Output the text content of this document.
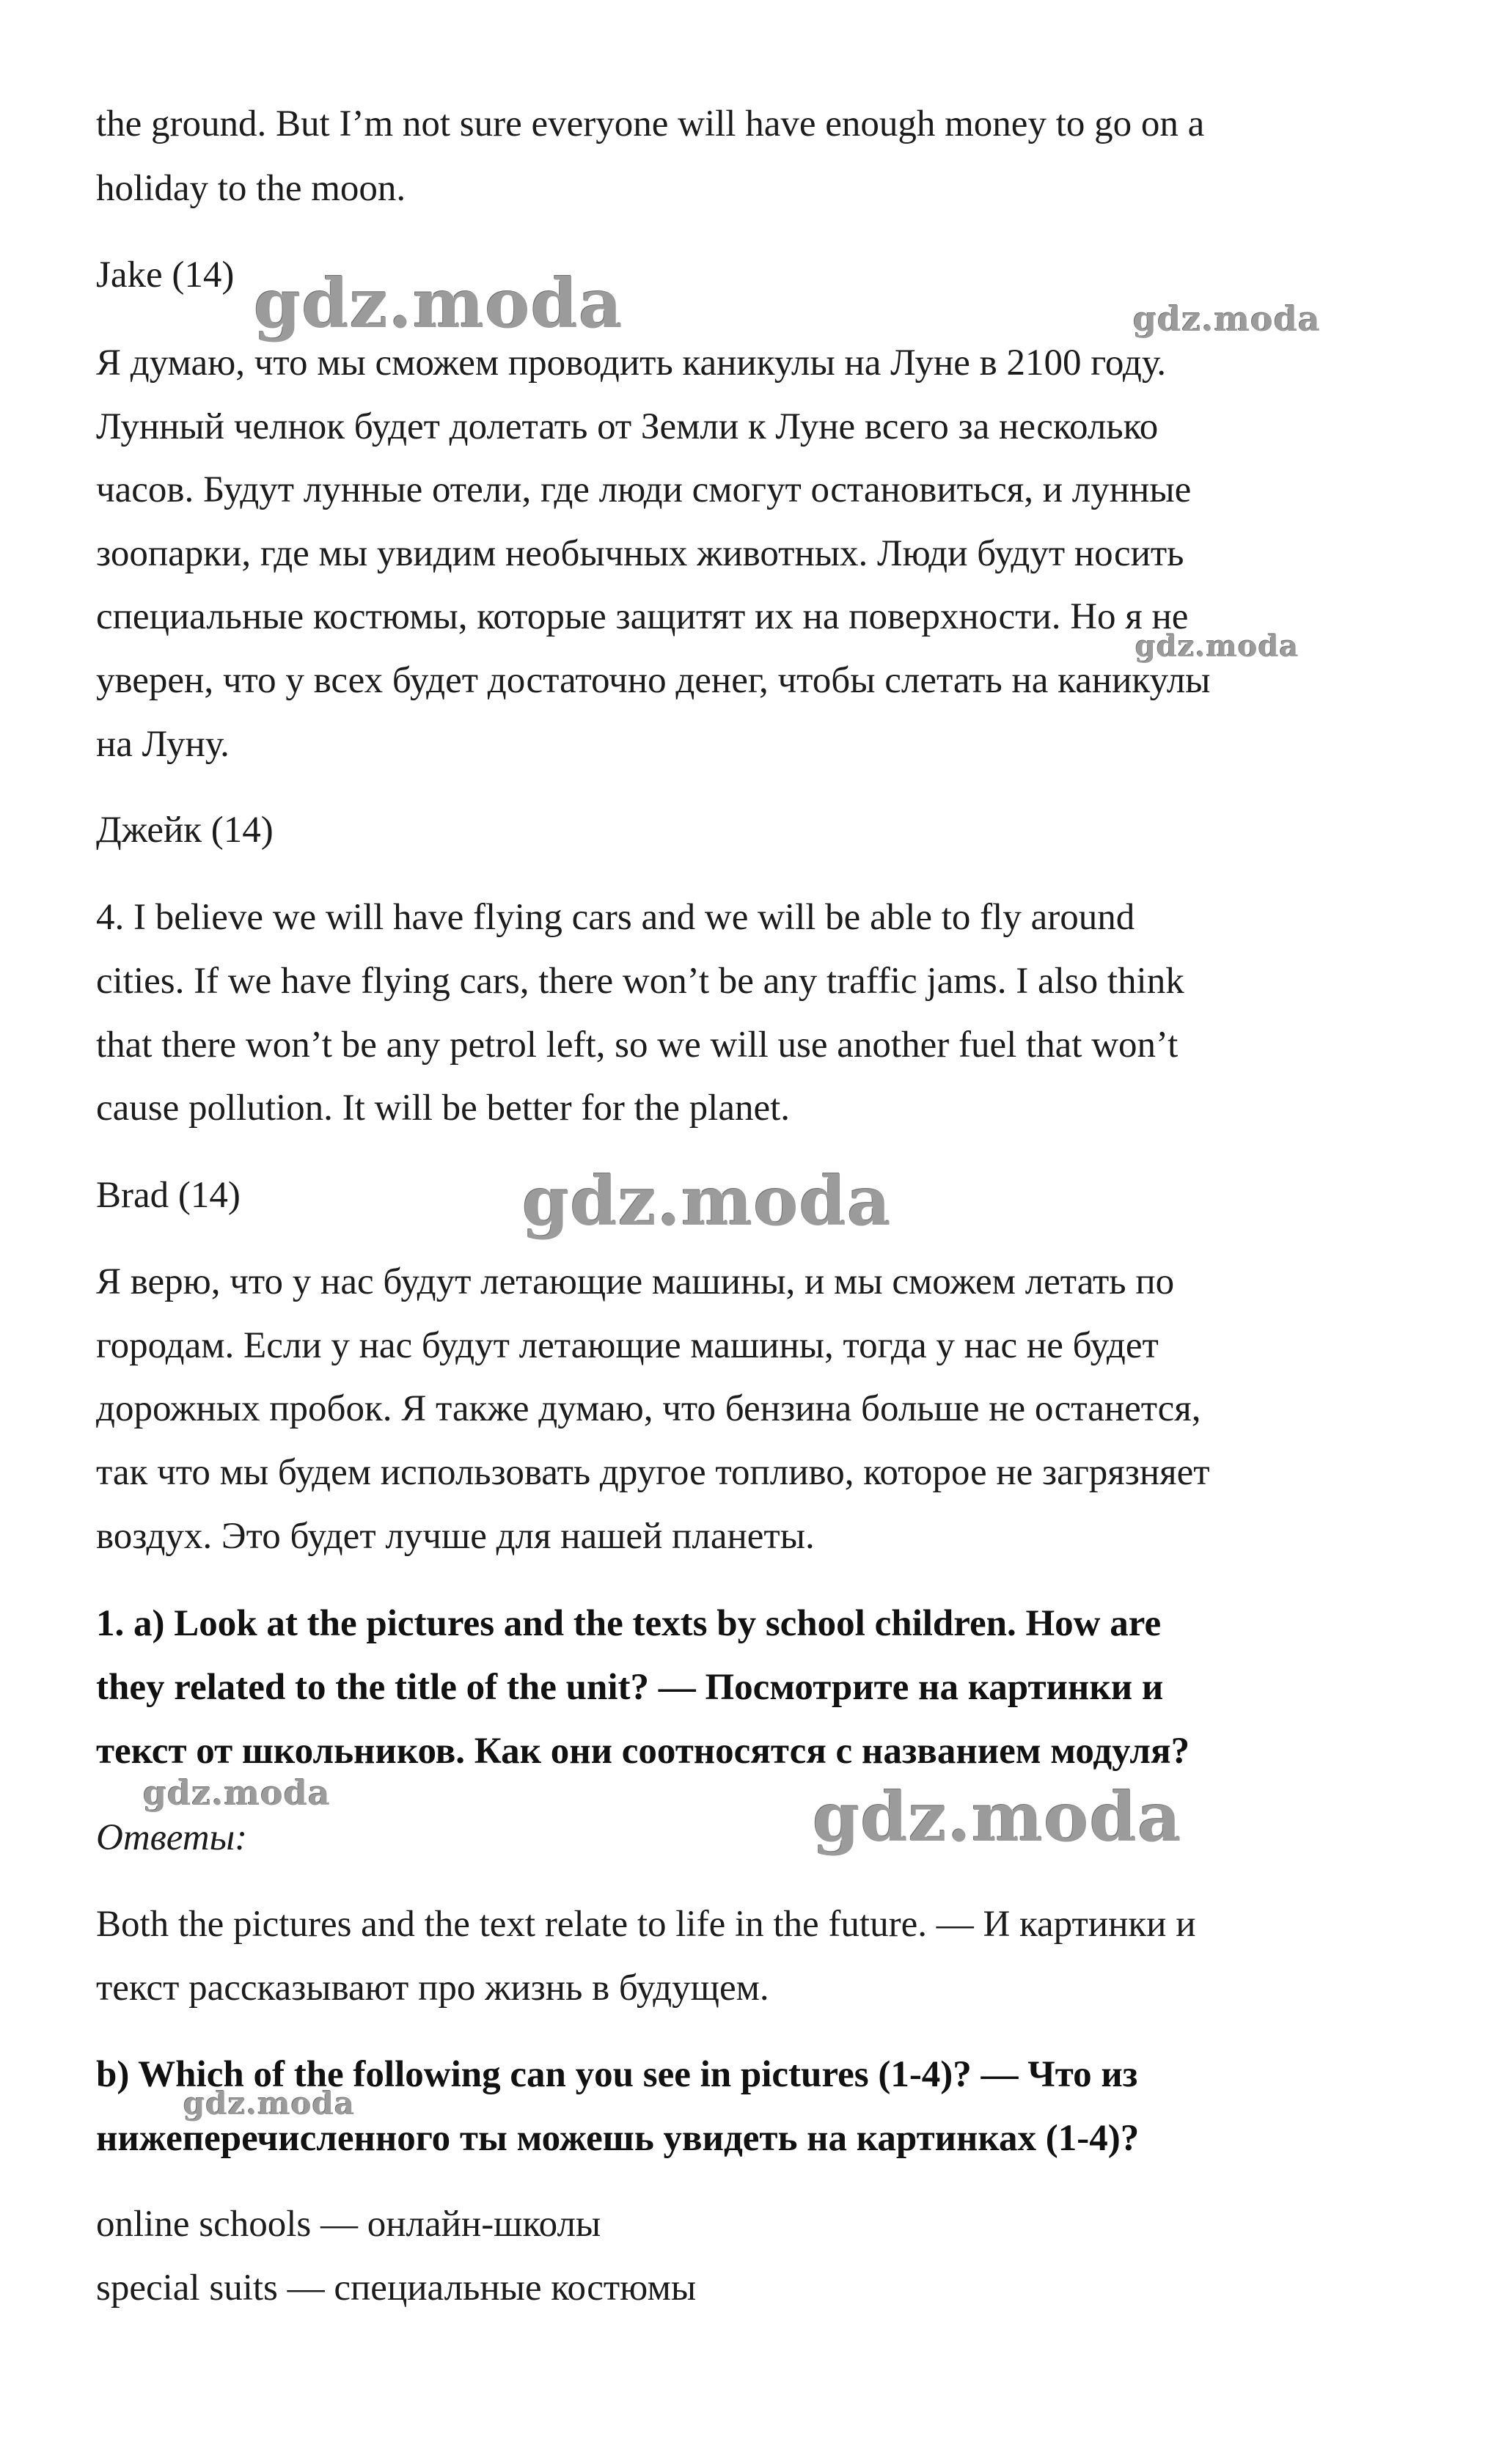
the ground. But I’m not sure everyone will have enough money to go on a
holiday to the moon.
Jake (14)
Я думаю, что мы сможем проводить каникулы на Луне в 2100 году.
Лунный челнок будет долетать от Земли к Луне всего за несколько
часов. Будут лунные отели, где люди смогут остановиться, и лунные
зоопарки, где мы увидим необычных животных. Люди будут носить
специальные костюмы, которые защитят их на поверхности. Но я не
уверен, что у всех будет достаточно денег, чтобы слетать на каникулы
на Луну.
Джейк (14)
4. I believe we will have flying cars and we will be able to fly around
cities. If we have flying cars, there won’t be any traffic jams. I also think
that there won’t be any petrol left, so we will use another fuel that won’t
cause pollution. It will be better for the planet.
Brad (14)
Я верю, что у нас будут летающие машины, и мы сможем летать по
городам. Если у нас будут летающие машины, тогда у нас не будет
дорожных пробок. Я также думаю, что бензина больше не останется,
так что мы будем использовать другое топливо, которое не загрязняет
воздух. Это будет лучше для нашей планеты.
1. a) Look at the pictures and the texts by school children. How are
they related to the title of the unit? — Посмотрите на картинки и
текст от школьников. Как они соотносятся с названием модуля?
Ответы:
Both the pictures and the text relate to life in the future. — И картинки и
текст рассказывают про жизнь в будущем.
b) Which of the following can you see in pictures (1-4)? — Что из
нижеперечисленного ты можешь увидеть на картинках (1-4)?
online schools — онлайн-школы
special suits — специальные костюмы
gdz.moda	gdz.moda
gdz.moda
gdz.moda
gdz.moda	gdz.moda
gdz.moda
